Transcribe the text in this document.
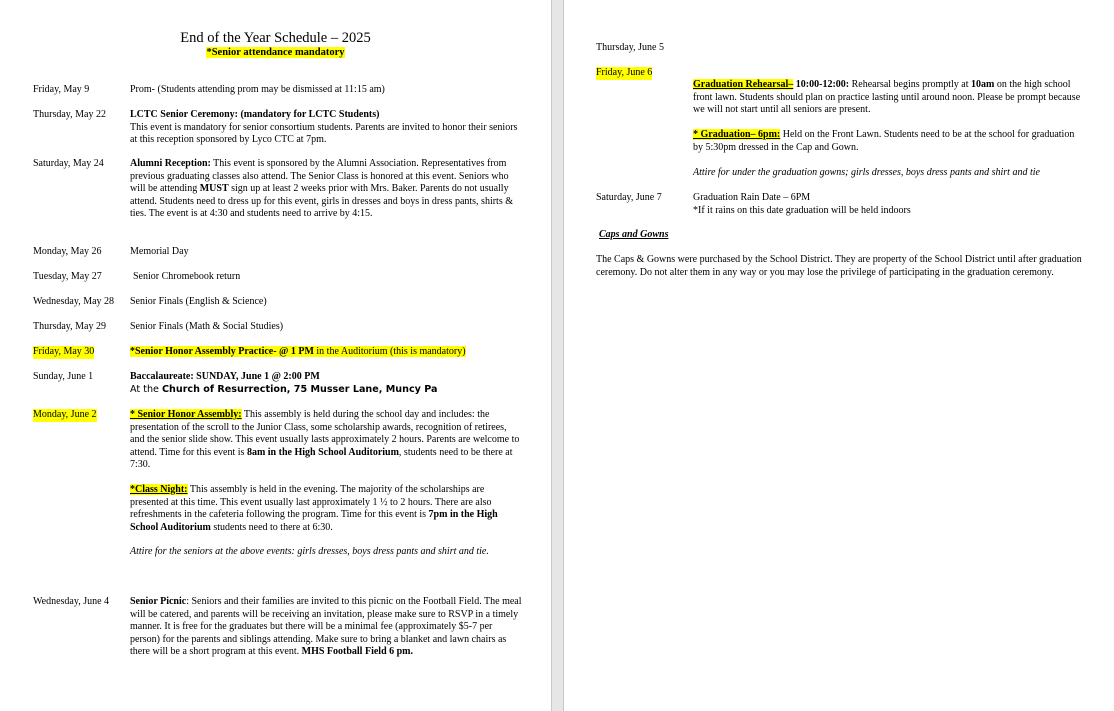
End of the Year Schedule – 2025
*Senior attendance mandatory
Friday, May 9	Prom- (Students attending prom may be dismissed at 11:15 am)
Thursday, May 22 LCTC Senior Ceremony: (mandatory for LCTC Students)

This event is mandatory for senior consortium students. Parents are invited to honor their seniors at this reception sponsored by Lyco CTC at 7pm.

Saturday, May 24	Alumni Reception: This event is sponsored by the Alumni Association. Representatives from previous graduating classes also attend. The Senior Class is honored at this event. Seniors who will be attending MUST sign up at least 2 weeks prior with Mrs. Baker. Parents do not usually attend. Students need to dress up for this event, girls in dresses and boys in dress pants, shirts & ties. The event is at 4:30 and students need to arrive by 4:15.
Monday, May 26	Memorial Day
Tuesday, May 27	Senior Chromebook return
Wednesday, May 28 Senior Finals (English & Science)
Thursday, May 29 Senior Finals (Math & Social Studies)
Friday, May 30	*Senior Honor Assembly Practice- @ 1 PM in the Auditorium (this is mandatory)
Sunday, June 1	Baccalaureate: SUNDAY, June 1 @ 2:00 PM

At the Church of Resurrection, 75 Musser Lane, Muncy Pa

Monday, June 2	* Senior Honor Assembly: This assembly is held during the school day and includes: the presentation of the scroll to the Junior Class, some scholarship awards, recognition of retirees, and the senior slide show. This event usually lasts approximately 2 hours. Parents are welcome to attend. Time for this event is 8am in the High School Auditorium, students need to be there at 7:30.
*Class Night: This assembly is held in the evening. The majority of the scholarships are presented at this time. This event usually last approximately 1 ½ to 2 hours. There are also refreshments in the cafeteria following the program. Time for this event is 7pm in the High School Auditorium students need to there at 6:30.
Attire for the seniors at the above events: girls dresses, boys dress pants and shirt and tie.
Wednesday, June 4 Senior Picnic: Seniors and their families are invited to this picnic on the Football Field. The meal will be catered, and parents will be receiving an invitation, please make sure to RSVP in a timely manner. It is free for the graduates but there will be a minimal fee (approximately $5-7 per person) for the parents and siblings attending. Make sure to bring a blanket and lawn chairs as there will be a short program at this event. MHS Football Field 6 pm.
Thursday, June 5
Friday, June 6
Graduation Rehearsal– 10:00-12:00: Rehearsal begins promptly at 10am on the high school front lawn. Students should plan on practice lasting until around noon. Please be prompt because we will not start until all seniors are present.
* Graduation– 6pm: Held on the Front Lawn. Students need to be at the school for graduation by 5:30pm dressed in the Cap and Gown.
Attire for under the graduation gowns; girls dresses, boys dress pants and shirt and tie
Saturday, June 7	Graduation Rain Date – 6PM

*If it rains on this date graduation will be held indoors

Caps and Gowns
The Caps & Gowns were purchased by the School District. They are property of the School District until after graduation ceremony. Do not alter them in any way or you may lose the privilege of participating in the graduation ceremony.
